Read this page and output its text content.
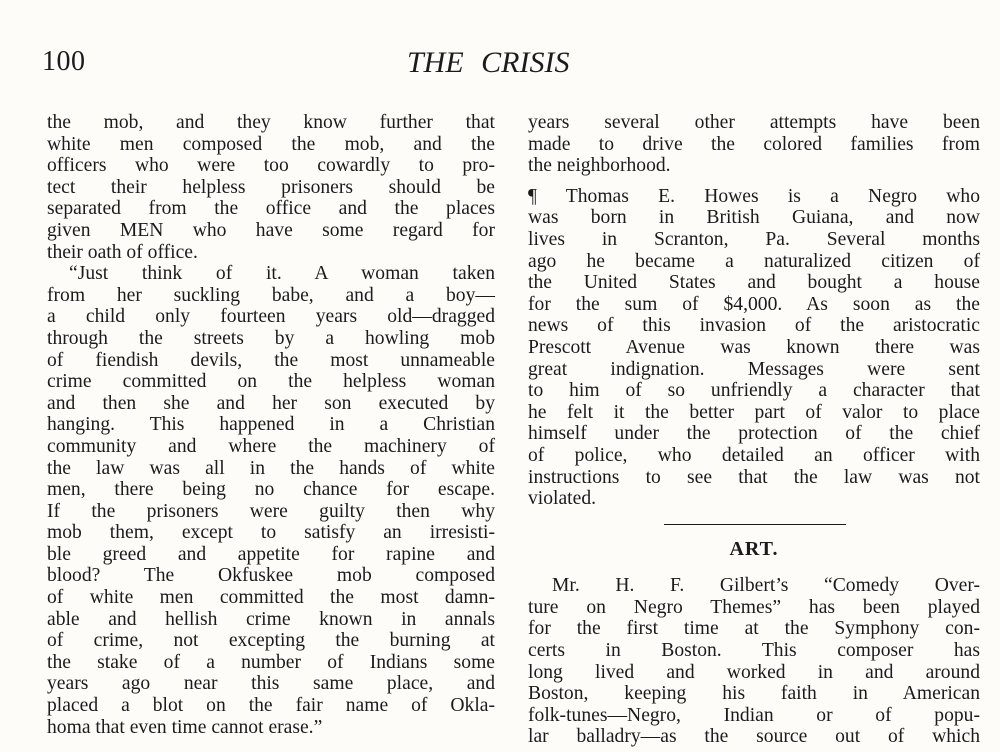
100	THE CRISIS
the mob, and they know further that
white men composed the mob, and the
officers who were too cowardly to pro-
tect their helpless prisoners should be
separated from the office and the places
given MEN who have some regard for
their oath of office.
“Just think of it. A woman taken
from her suckling babe, and a boy—
a child only fourteen years old—dragged
through the streets by a howling mob
of fiendish devils, the most unnameable
crime committed on the helpless woman
and then she and her son executed by
hanging. This happened in a Christian
community and where the machinery of
the law was all in the hands of white
men, there being no chance for escape.
If the prisoners were guilty then why
mob them, except to satisfy an irresisti-
ble greed and appetite for rapine and
blood? The Okfuskee mob composed
of white men committed the most damn-
able and hellish crime known in annals
of crime, not excepting the burning at
the stake of a number of Indians some
years ago near this same place, and
placed a blot on the fair name of Okla-
homa that even time cannot erase.”
years several other attempts have been
made to drive the colored families from
the neighborhood.
¶ Thomas E. Howes is a Negro who
was born in British Guiana, and now
lives in Scranton, Pa. Several months
ago he became a naturalized citizen of
the United States and bought a house
for the sum of $4,000. As soon as the
news of this invasion of the aristocratic
Prescott Avenue was known there was
great indignation. Messages were sent
to him of so unfriendly a character that
he felt it the better part of valor to place
himself under the protection of the chief
of police, who detailed an officer with
instructions to see that the law was not
violated.
ART.
Mr. H. F. Gilbert’s “Comedy Over-
ture on Negro Themes” has been played
for the first time at the Symphony con-
certs in Boston. This composer has
long lived and worked in and around
Boston, keeping his faith in American
folk-tunes—Negro, Indian or of popu-
lar balladry—as the source out of which
